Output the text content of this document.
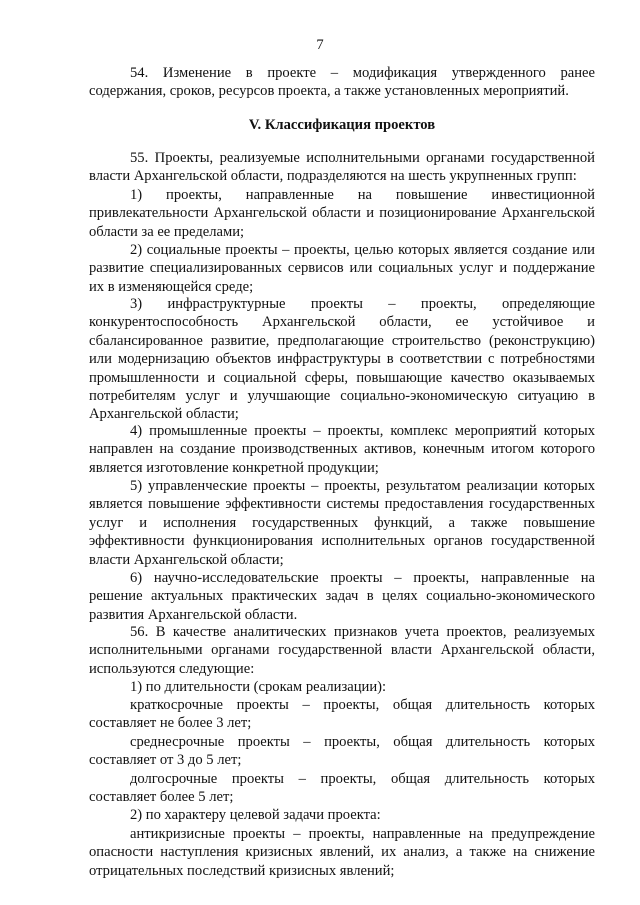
7
54. Изменение в проекте – модификация утвержденного ранее содержания, сроков, ресурсов проекта, а также установленных мероприятий.
V. Классификация проектов
55. Проекты, реализуемые исполнительными органами государственной власти Архангельской области, подразделяются на шесть укрупненных групп:
1) проекты, направленные на повышение инвестиционной привлекательности Архангельской области и позиционирование Архангельской области за ее пределами;
2) социальные проекты – проекты, целью которых является создание или развитие специализированных сервисов или социальных услуг и поддержание их в изменяющейся среде;
3) инфраструктурные проекты – проекты, определяющие конкурентоспособность Архангельской области, ее устойчивое и сбалансированное развитие, предполагающие строительство (реконструкцию) или модернизацию объектов инфраструктуры в соответствии с потребностями промышленности и социальной сферы, повышающие качество оказываемых потребителям услуг и улучшающие социально-экономическую ситуацию в Архангельской области;
4) промышленные проекты – проекты, комплекс мероприятий которых направлен на создание производственных активов, конечным итогом которого является изготовление конкретной продукции;
5) управленческие проекты – проекты, результатом реализации которых является повышение эффективности системы предоставления государственных услуг и исполнения государственных функций, а также повышение эффективности функционирования исполнительных органов государственной власти Архангельской области;
6) научно-исследовательские проекты – проекты, направленные на решение актуальных практических задач в целях социально-экономического развития Архангельской области.
56. В качестве аналитических признаков учета проектов, реализуемых исполнительными органами государственной власти Архангельской области, используются следующие:
1) по длительности (срокам реализации):
краткосрочные проекты – проекты, общая длительность которых составляет не более 3 лет;
среднесрочные проекты – проекты, общая длительность которых составляет от 3 до 5 лет;
долгосрочные проекты – проекты, общая длительность которых составляет более 5 лет;
2) по характеру целевой задачи проекта:
антикризисные проекты – проекты, направленные на предупреждение опасности наступления кризисных явлений, их анализ, а также на снижение отрицательных последствий кризисных явлений;
